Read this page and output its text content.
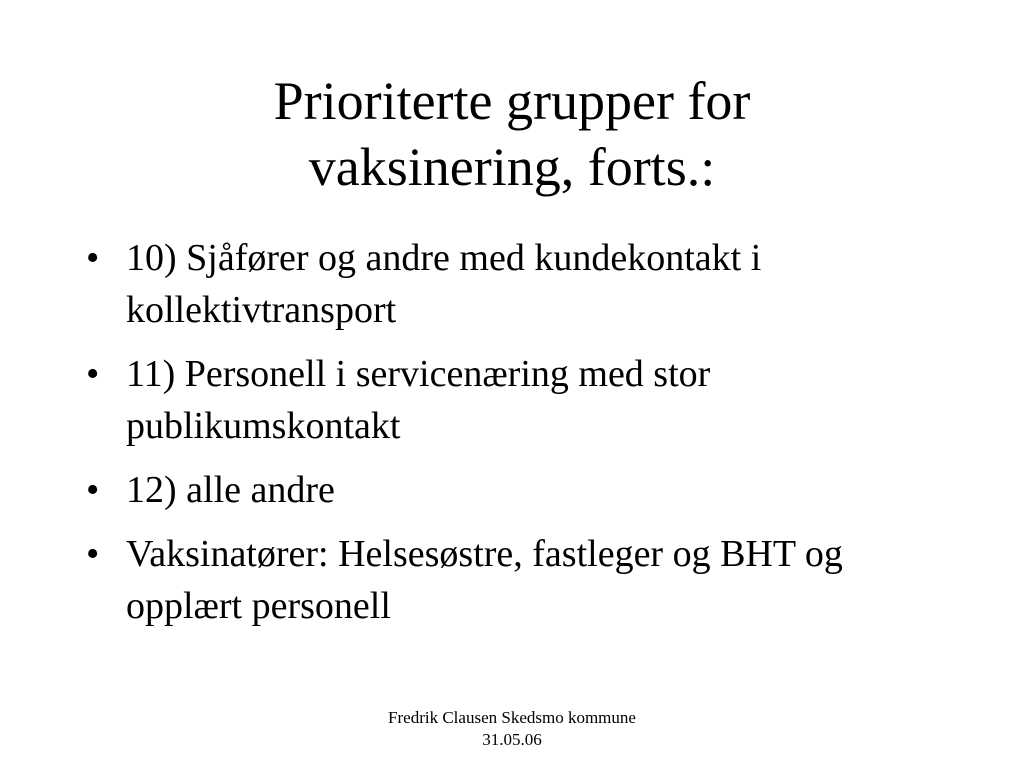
Prioriterte grupper for
vaksinering, forts.:
• 10) Sjåfører og andre med kundekontakt i kollektivtransport
• 11) Personell i servicenæring med stor publikumskontakt
• 12) alle andre
• Vaksinatører: Helsesøstre, fastleger og BHT og opplært personell
Fredrik Clausen Skedsmo kommune
31.05.06
